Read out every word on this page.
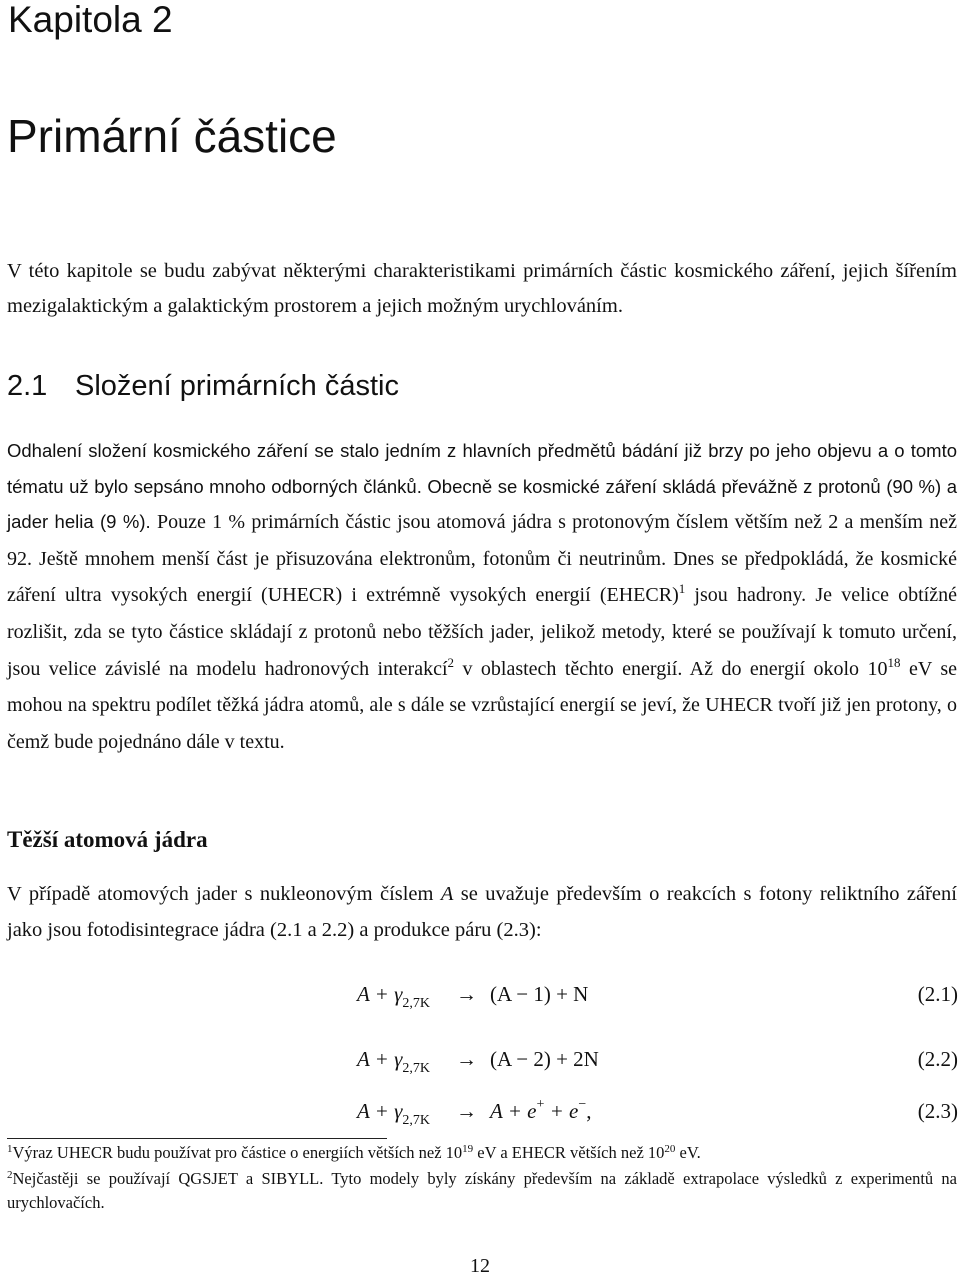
Kapitola 2
Primární částice

V této kapitole se budu zabývat některými charakteristikami primárních částic kosmického záření, jejich šířením mezigalaktickým a galaktickým prostorem a jejich možným urychlováním.

2.1 Složení primárních částic

Odhalení složení kosmického záření se stalo jedním z hlavních předmětů bádání již brzy po jeho objevu a o tomto tématu už bylo sepsáno mnoho odborných článků. Obecně se kosmické záření skládá převážně z protonů (90 %) a jader helia (9 %). Pouze 1 % primárních částic jsou atomová jádra s protonovým číslem větším než 2 a menším než 92. Ještě mnohem menší část je přisuzována elektronům, fotonům či neutrinům. Dnes se předpokládá, že kosmické záření ultra vysokých energií (UHECR) i extrémně vysokých energií (EHECR)$^1$ jsou hadrony. Je velice obtížné rozlišit, zda se tyto částice skládají z protonů nebo těžších jader, jelikož metody, které se používají k tomuto určení, jsou velice závislé na modelu hadronových interakcí$^2$ v oblastech těchto energií. Až do energií okolo $10^{18}$ eV se mohou na spektru podílet těžká jádra atomů, ale s dále se vzrůstající energií se jeví, že UHECR tvoří již jen protony, o čemž bude pojednáno dále v textu.

Těžší atomová jádra

V případě atomových jader s nukleonovým číslem A se uvažuje především o reakcích s fotony reliktního záření jako jsou fotodisintegrace jádra (2.1 a 2.2) a produkce páru (2.3):

$A + \gamma_{2,7K} \to (A - 1) + N$	(2.1)
$A + \gamma_{2,7K} \to (A - 2) + 2N$	(2.2)
$A + \gamma_{2,7K} \to A + e^+ + e^-$,	(2.3)

$^1$Výraz UHECR budu používat pro částice o energiích větších než $10^{19}$ eV a EHECR větších než $10^{20}$ eV.

$^2$Nejčastěji se používají QGSJET a SIBYLL. Tyto modely byly získány především na základě extrapolace výsledků z experimentů na urychlovačích.

12
